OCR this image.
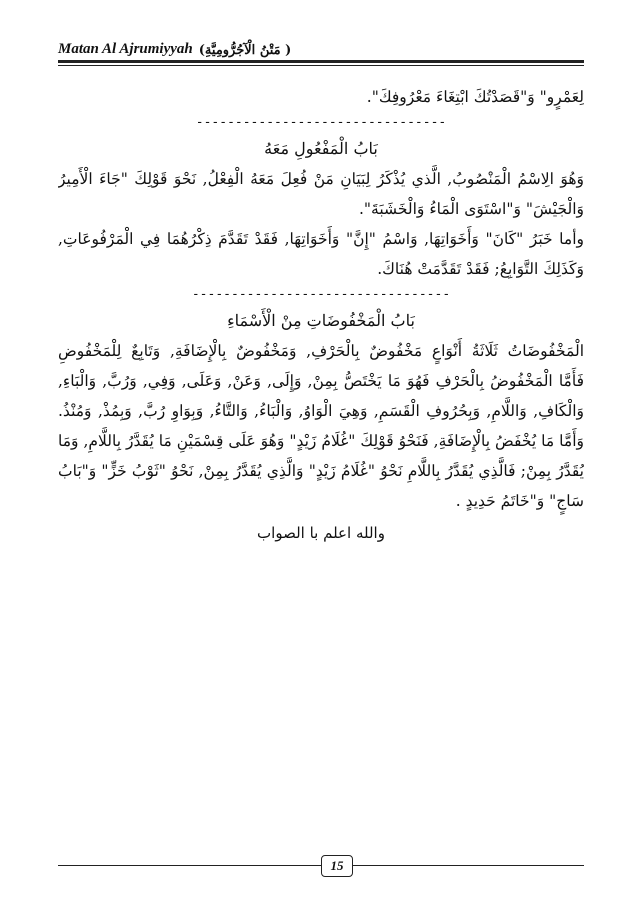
Matan Al Ajrumiyyah (مَتْنُ الْآجُرُّومِيَّةِ )
لِعَمْرٍو" وَ"قَصَدْتُكَ ابْتِغَاءَ مَعْرُوفِكَ".
--------------------------------
بَابُ الْمَفْعُولِ مَعَهُ
وَهُوَ الِاسْمُ الْمَنْصُوبُ, الَّذي يُذْكَرُ لِبَيَانِ مَنْ فُعِلَ مَعَهُ الْفِعْلُ, نَحْوَ قَوْلِكَ "جَاءَ الْأَمِيرُ
وَالْجَيْشَ" وَ"اسْتَوَى الْمَاءُ وَالْخَشَبَةَ".
وأما خَبَرُ "كَانَ" وَأَخَوَاتِهَا, وَاسْمُ "إِنَّ" وَأَخَوَاتِهَا, فَقَدْ تَقَدَّمَ ذِكْرُهُمَا فِي الْمَرْفُوعَاتِ,
وَكَذَلِكَ التَّوَابِعُ; فَقَدْ تَقَدَّمَتْ هُنَاكَ.
---------------------------------
بَابُ الْمَخْفُوضَاتِ مِنْ الْأَسْمَاءِ
الْمَخْفُوضَاتُ ثَلَاثَةُ أَنْوَاعٍ مَخْفُوضٌ بِالْحَرْفِ, وَمَخْفُوضٌ بِالْإِضَافَةِ, وَتَابِعٌ لِلْمَخْفُوضِ
فَأَمَّا الْمَخْفُوضُ بِالْحَرْفِ فَهُوَ مَا يَخْتَصُّ بِمِنْ, وَإِلَى, وَعَنْ, وَعَلَى, وَفِي, وَرُبَّ, وَالْبَاءِ,
وَالْكَافِ, وَاللَّامِ, وَبِحُرُوفِ الْقَسَمِ, وَهِيَ الْوَاوُ, وَالْبَاءُ, وَالتَّاءُ, وَبِوَاوِ رُبَّ, وَبِمُذْ, وَمُنْذُ.
وَأَمَّا مَا يُخْفَضُ بِالْإِضَافَةِ, فَنَحْوُ قَوْلِكَ "غُلَامُ زَيْدٍ" وَهُوَ عَلَى قِسْمَيْنِ مَا يُقَدَّرُ بِاللَّامِ, وَمَا
يُقَدَّرُ بِمِنْ; فَالَّذِي يُقَدَّرُ بِاللَّامِ نَحْوُ "غُلَامُ زَيْدٍ" وَالَّذِي يُقَدَّرُ بِمِنْ, نَحْوُ "ثَوْبُ خَزٍّ" وَ"بَابُ
سَاجٍ" وَ"خَاتَمُ حَدِيدٍ .
والله اعلم با الصواب
15
